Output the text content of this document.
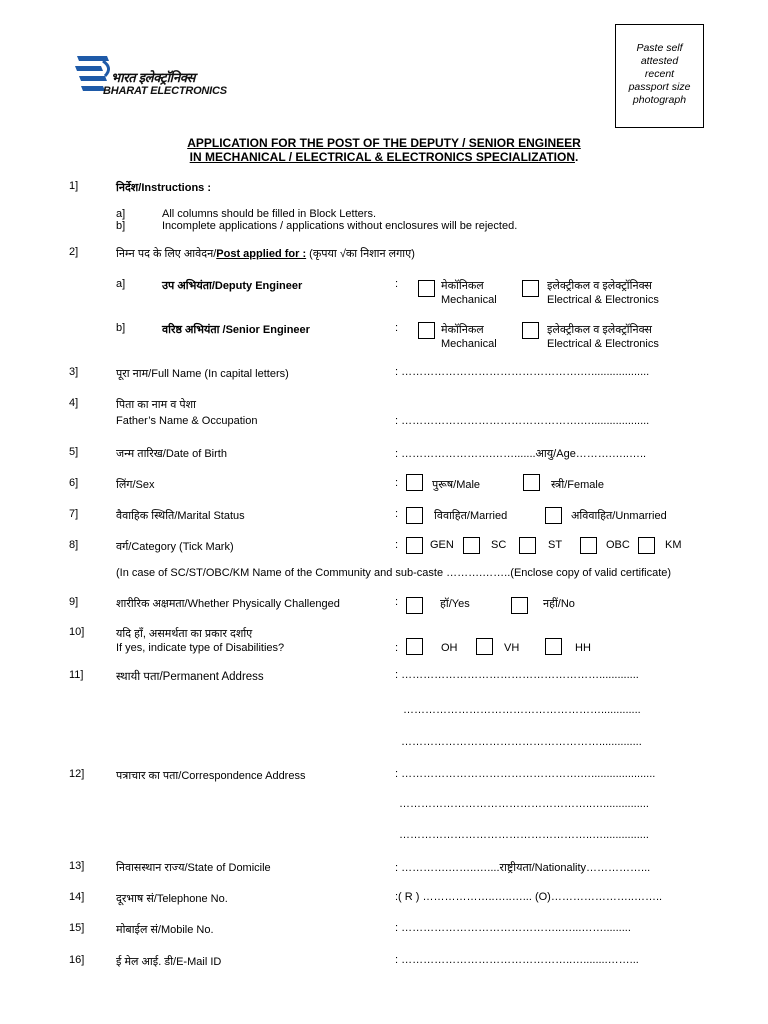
भारत इलेक्ट्रॉनिक्स
BHARAT ELECTRONICS
Paste self
attested
recent
passport size
photograph
APPLICATION FOR THE POST OF THE DEPUTY / SENIOR ENGINEER
IN MECHANICAL / ELECTRICAL & ELECTRONICS SPECIALIZATION.
1]	निर्देश/Instructions :
a]	All columns should be filled in Block Letters.
b]	Incomplete applications / applications without enclosures will be rejected.
2]	निम्न पद के लिए आवेदन/Post applied for : (कृपया √का निशान लगाए)
a]	उप अभियंता/Deputy Engineer	:	मेकॉनिकल
Mechanical
इलेक्ट्रीकल व इलेक्ट्रॉनिक्स
Electrical & Electronics
b]	वरिष्ठ अभियंता /Senior Engineer	:	मेकॉनिकल
Mechanical
इलेक्ट्रीकल व इलेक्ट्रॉनिक्स
Electrical & Electronics
3]	पूरा नाम/Full Name (In capital letters)	: ………………………………………….…...................
4]	पिता का नाम व पेशा
Father’s Name & Occupation	: ………………………………………….…...................
5]	जन्म तारिख/Date of Birth	: …………………….…….......आयु/Age……….…..…..
6]	लिंग/Sex	:	पुरूष/Male	स्त्री/Female
7]	वैवाहिक स्थिति/Marital Status	:	विवाहित/Married	अविवाहित/Unmarried
8]	वर्ग/Category (Tick Mark)	:	GEN	SC	ST	OBC	KM
(In case of SC/ST/OBC/KM Name of the Community and sub-caste ……….……..(Enclose copy of valid certificate)
9]	शारीरिक अक्षमता/Whether Physically Challenged	:	हॉ/Yes	नहीं/No
10]	यदि हॉं, असमर्थता का प्रकार दर्शाए
If yes, indicate type of Disabilities?	:	OH	VH	HH
11]	स्थायी पता/Permanent Address	: ……………………………………………….............
……………………………………………….............
………………………………………………..............
12]	पत्राचार का पता/Correspondence Address	: ………………………………………….….....................
……………………………………………..…...............
……………………………………………..…...............
13]	निवासस्थान राज्य/State of Domicile	: ………….……..…....राष्ट्रीयता/Nationality……………...
14]	दूरभाष सं/Telephone No.	:( R ) ………………..…..…... (O)…………………..……..
15]	मोबाईल सं/Mobile No.	: ……………………………………..…...…….........
16]	ई मेल आई. डी/E-Mail ID	: ………………………………………..…........……...
